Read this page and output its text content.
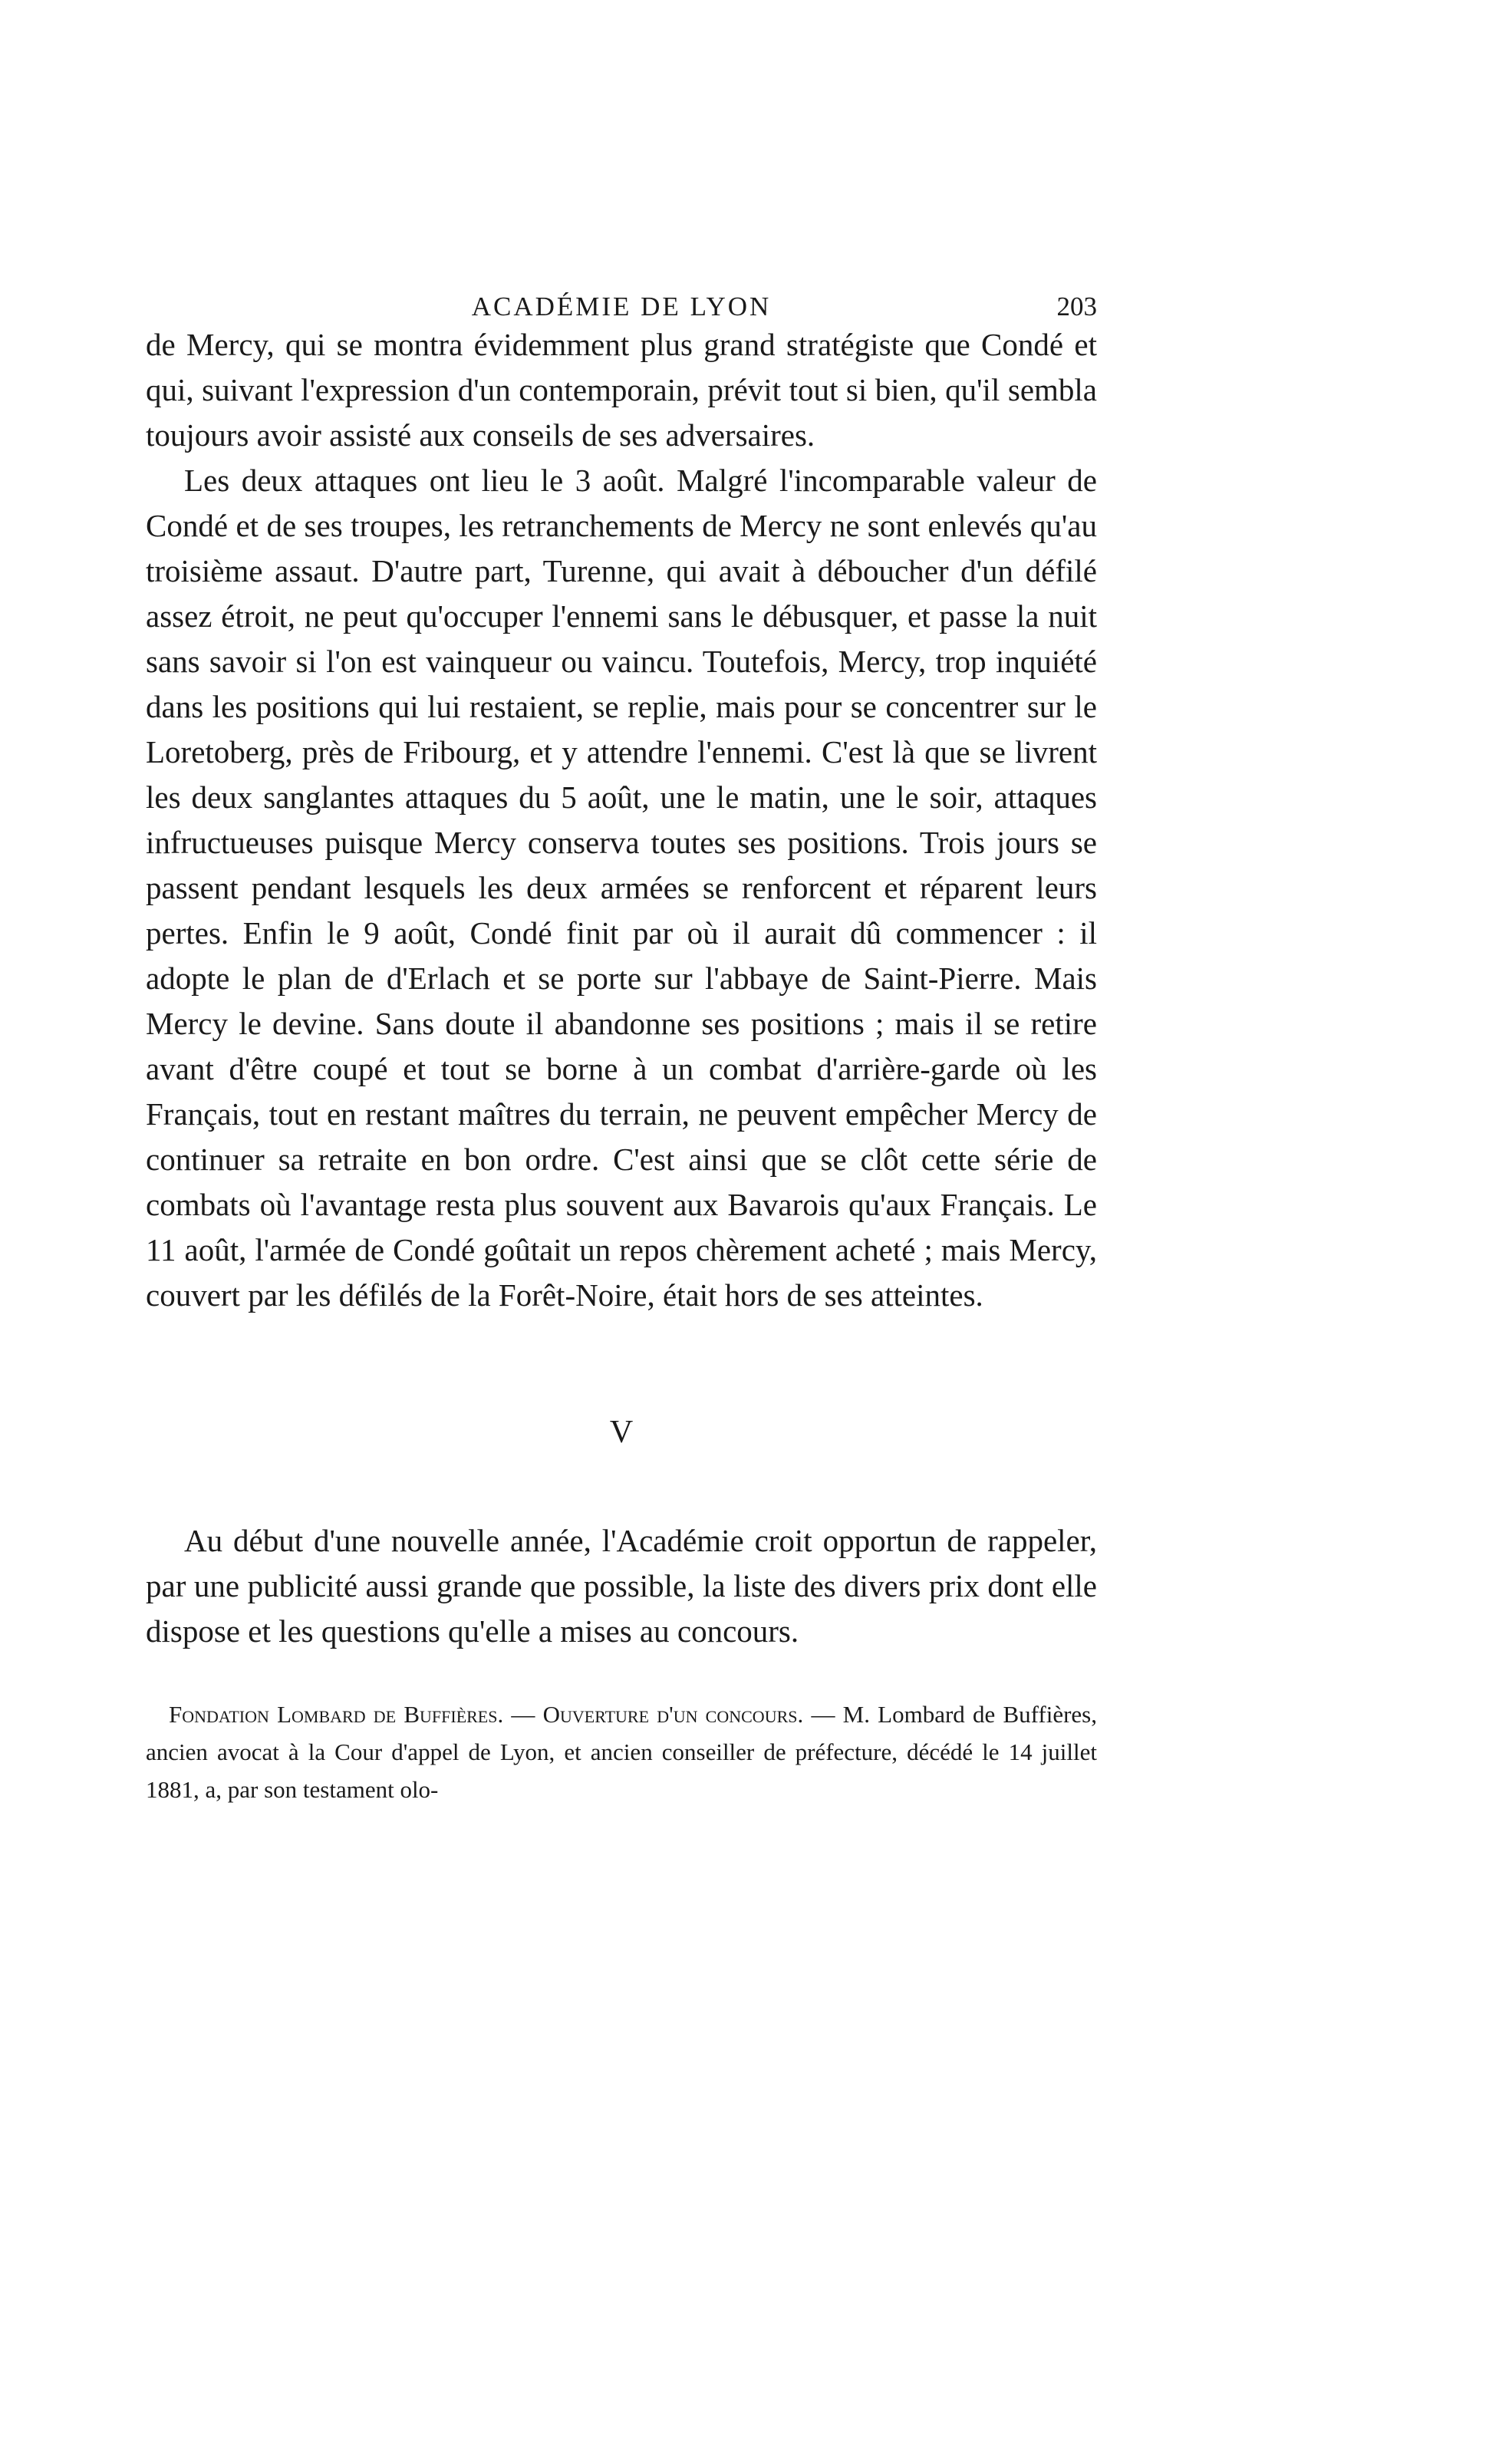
ACADÉMIE DE LYON	203

de Mercy, qui se montra évidemment plus grand stratégiste que Condé et qui, suivant l'expression d'un contemporain, prévit tout si bien, qu'il sembla toujours avoir assisté aux conseils de ses adversaires.

Les deux attaques ont lieu le 3 août. Malgré l'incomparable valeur de Condé et de ses troupes, les retranchements de Mercy ne sont enlevés qu'au troisième assaut. D'autre part, Turenne, qui avait à déboucher d'un défilé assez étroit, ne peut qu'occuper l'ennemi sans le débusquer, et passe la nuit sans savoir si l'on est vainqueur ou vaincu. Toutefois, Mercy, trop inquiété dans les positions qui lui restaient, se replie, mais pour se concentrer sur le Loretoberg, près de Fribourg, et y attendre l'ennemi. C'est là que se livrent les deux sanglantes attaques du 5 août, une le matin, une le soir, attaques infructueuses puisque Mercy conserva toutes ses positions. Trois jours se passent pendant lesquels les deux armées se renforcent et réparent leurs pertes. Enfin le 9 août, Condé finit par où il aurait dû commencer : il adopte le plan de d'Erlach et se porte sur l'abbaye de Saint-Pierre. Mais Mercy le devine. Sans doute il abandonne ses positions ; mais il se retire avant d'être coupé et tout se borne à un combat d'arrière-garde où les Français, tout en restant maîtres du terrain, ne peuvent empêcher Mercy de continuer sa retraite en bon ordre. C'est ainsi que se clôt cette série de combats où l'avantage resta plus souvent aux Bavarois qu'aux Français. Le 11 août, l'armée de Condé goûtait un repos chèrement acheté ; mais Mercy, couvert par les défilés de la Forêt-Noire, était hors de ses atteintes.

V

Au début d'une nouvelle année, l'Académie croit opportun de rappeler, par une publicité aussi grande que possible, la liste des divers prix dont elle dispose et les questions qu'elle a mises au concours.

Fondation Lombard de Buffières. — Ouverture d'un concours. — M. Lombard de Buffières, ancien avocat à la Cour d'appel de Lyon, et ancien conseiller de préfecture, décédé le 14 juillet 1881, a, par son testament olo-
